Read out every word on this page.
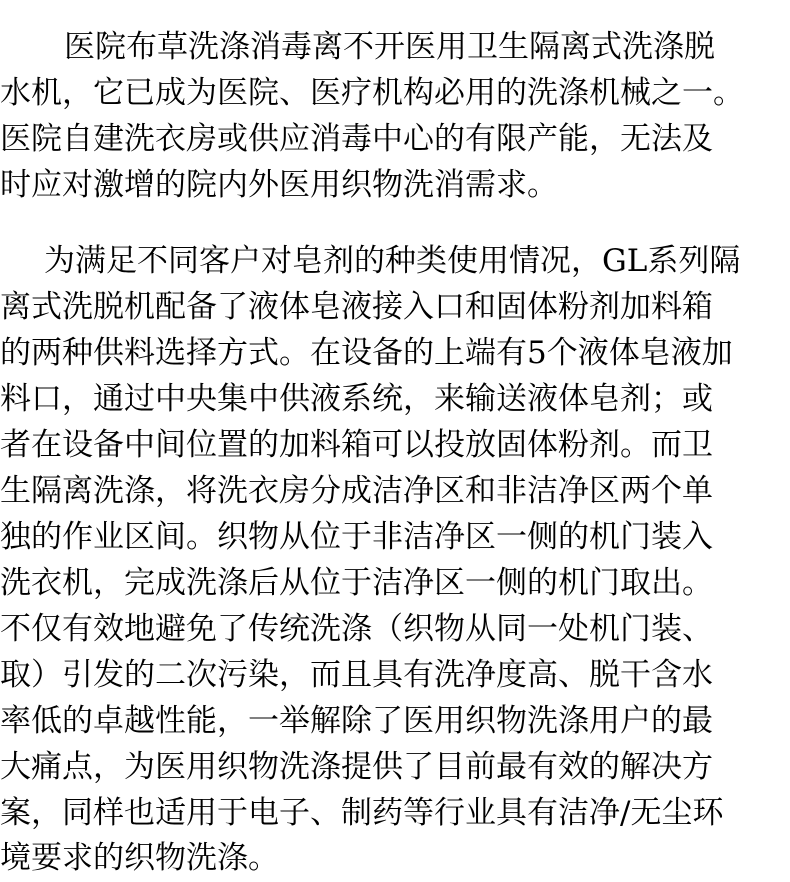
医院布草洗涤消毒离不开医用卫生隔离式洗涤脱
水机，它已成为医院、医疗机构必用的洗涤机械之一。
医院自建洗衣房或供应消毒中心的有限产能，无法及
时应对激增的院内外医用织物洗消需求。
为满足不同客户对皂剂的种类使用情况，GL系列隔
离式洗脱机配备了液体皂液接入口和固体粉剂加料箱
的两种供料选择方式。在设备的上端有5个液体皂液加
料口，通过中央集中供液系统，来输送液体皂剂；或
者在设备中间位置的加料箱可以投放固体粉剂。而卫
生隔离洗涤，将洗衣房分成洁净区和非洁净区两个单
独的作业区间。织物从位于非洁净区一侧的机门装入
洗衣机，完成洗涤后从位于洁净区一侧的机门取出。
不仅有效地避免了传统洗涤（织物从同一处机门装、
取）引发的二次污染，而且具有洗净度高、脱干含水
率低的卓越性能，一举解除了医用织物洗涤用户的最
大痛点，为医用织物洗涤提供了目前最有效的解决方
案，同样也适用于电子、制药等行业具有洁净/无尘环
境要求的织物洗涤。
